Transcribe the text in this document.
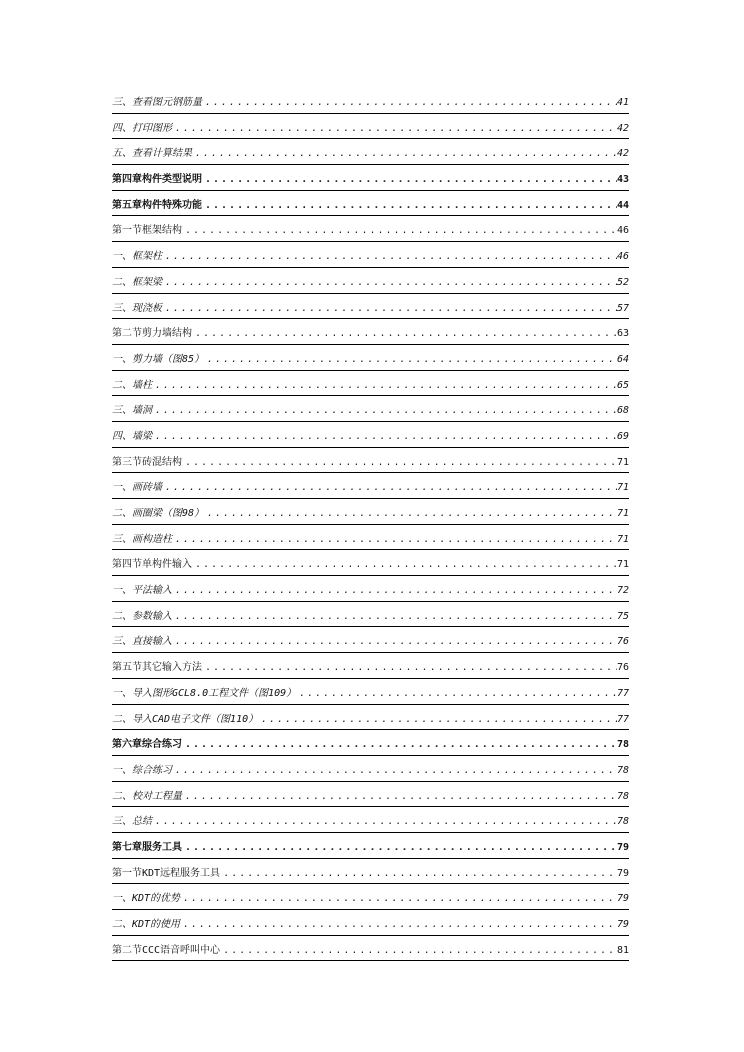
三、查看图元钢筋量 .....	41
四、打印图形 .....	42
五、查看计算结果 .....	42
第四章构件类型说明 .....	43
第五章构件特殊功能 .....	44
第一节框架结构 .....	46
一、框架柱 .....	46
二、框架梁 .....	52
三、现浇板 .....	57
第二节剪力墙结构 .....	63
一、剪力墙（图85） .....	64
二、墙柱 .....	65
三、墙洞 .....	68
四、墙梁 .....	69
第三节砖混结构 .....	71
一、画砖墙 .....	71
二、画圈梁（图98） .....	71
三、画构造柱 .....	71
第四节单构件输入 .....	71
一、平法输入 .....	72
二、参数输入 .....	75
三、直接输入 .....	76
第五节其它输入方法 .....	76
一、导入图形GCL8.0工程文件（图109） .....	77
二、导入CAD电子文件（图110） .....	77
第六章综合练习 .....	78
一、综合练习 .....	78
二、校对工程量 .....	78
三、总结 .....	78
第七章服务工具 .....	79
第一节KDT远程服务工具 .....	79
一、KDT的优势 .....	79
二、KDT的使用 .....	79
第二节CCC语音呼叫中心 .....	81
